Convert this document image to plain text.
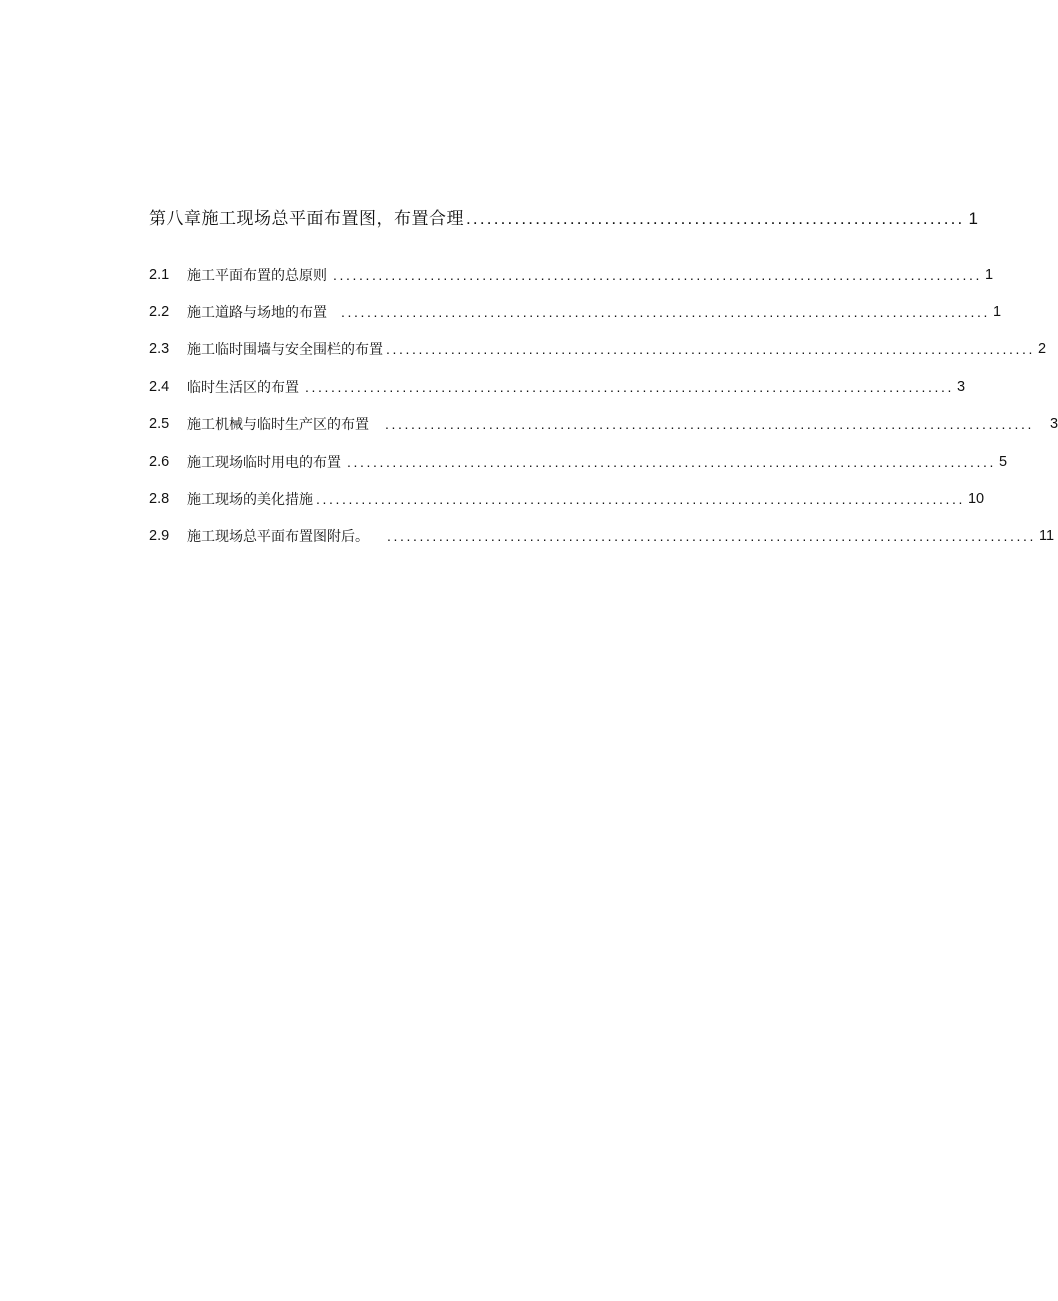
第八章施工现场总平面布置图，布置合理 ........................................................................ 1
2.1	施工平面布置的总原则 .................................................................................................... 1
2.2	施工道路与场地的布置 .................................................................................................... 1
2.3	施工临时围墙与安全围栏的布置 .................................................................................................... 2
2.4	临时生活区的布置 .................................................................................................... 3
2.5	施工机械与临时生产区的布置 .................................................................................................... 3
2.6	施工现场临时用电的布置 .................................................................................................... 5
2.8	施工现场的美化措施 .................................................................................................... 10
2.9	施工现场总平面布置图附后。 .................................................................................................... 11
